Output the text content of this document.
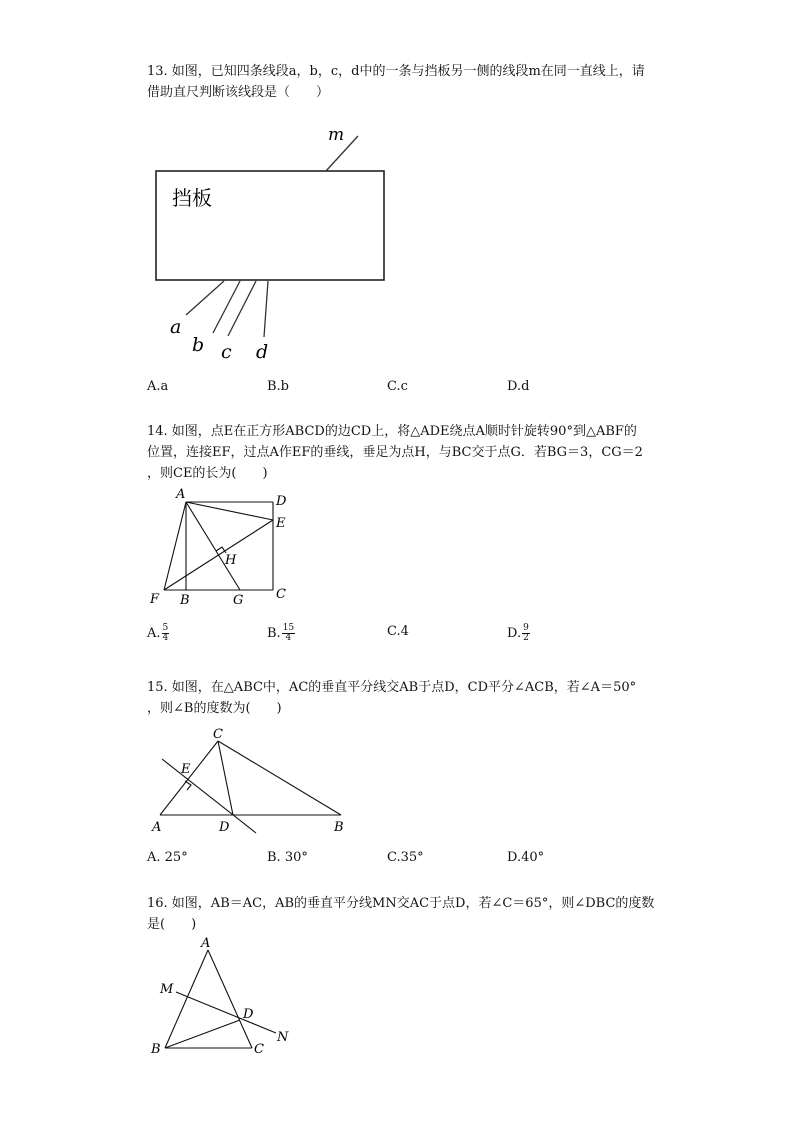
13. 如图，已知四条线段a，b，c，d中的一条与挡板另一侧的线段m在同一直线上，请
借助直尺判断该线段是（　　）
m
挡板
a
b c d
A.a	B.b	C.c	D.d
14. 如图，点E在正方形ABCD的边CD上，将△ADE绕点A顺时针旋转90°到△ABF的
位置，连接EF，过点A作EF的垂线，垂足为点H，与BC交于点G．若BG＝3，CG＝2
，则CE的长为(　　)
A	D
E
H
F B	G	C
A. $\frac{5}{4}$	B. $\frac{15}{4}$	C.4	D. $\frac{9}{2}$
15. 如图，在△ABC中，AC的垂直平分线交AB于点D，CD平分∠ACB，若∠A＝50°
，则∠B的度数为(　　)
C
E
A	D	B
A. 25°	B. 30°	C.35°	D.40°
16. 如图，AB＝AC，AB的垂直平分线MN交AC于点D，若∠C＝65°，则∠DBC的度数
是(　　)
A
M
D
N
B	C
